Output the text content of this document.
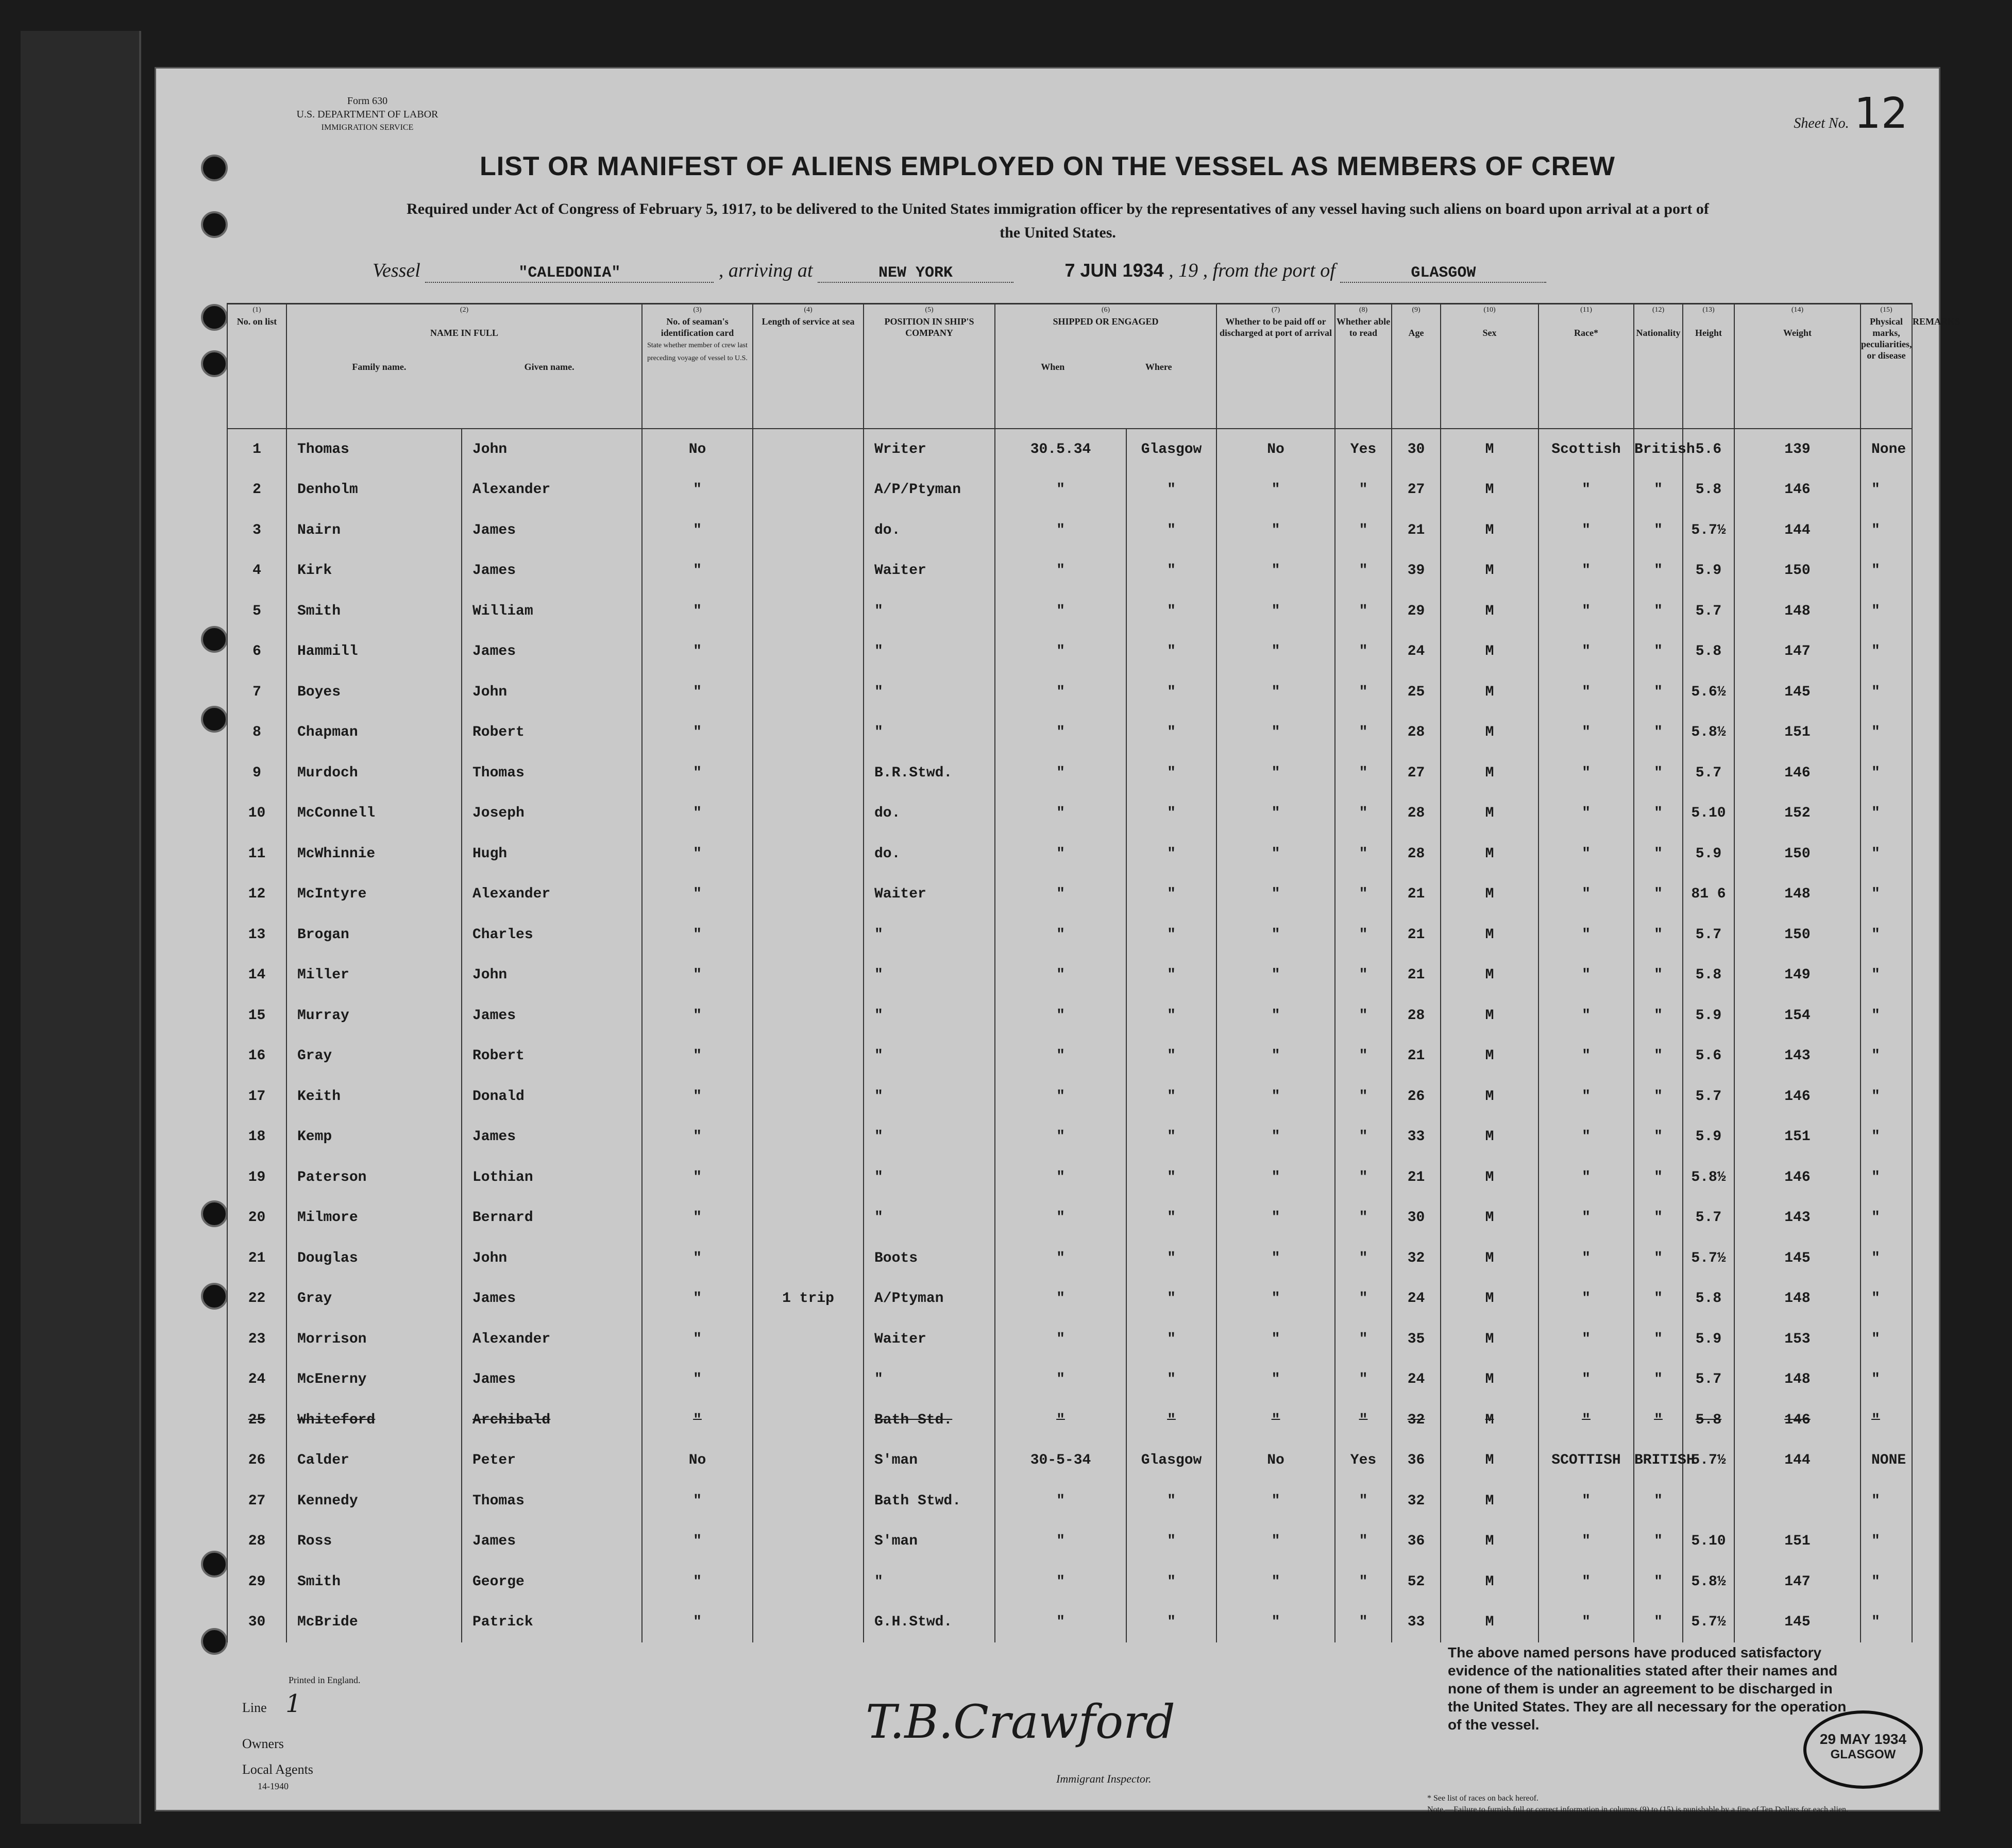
Form 630
U.S. DEPARTMENT OF LABOR
IMMIGRATION SERVICE	Sheet No. 12
LIST OR MANIFEST OF ALIENS EMPLOYED ON THE VESSEL AS MEMBERS OF CREW
Required under Act of Congress of February 5, 1917, to be delivered to the United States immigration officer by the representatives of any vessel having such aliens on board upon arrival at a port of the United States.
Vessel	"CALEDONIA"	, arriving at	NEW YORK	7 JUN 1934 , 19 , from the port of	GLASGOW
(1)
No. on list	(2)

NAME IN FULL

Family name. Given name.		(3)
No. of seaman's identification card
State whether member of crew last preceding voyage of vessel to U.S.	(4)
Length of service at sea	(5)
POSITION IN SHIP'S COMPANY	(6)
SHIPPED OR ENGAGED

When Where		(7)
Whether to be paid off or discharged at port of arrival	(8)
Whether able to read	(9)

Age	(10)

Sex	(11)

Race*	(12)

Nationality	(13)

Height	(14)

Weight	(15)
Physical marks, peculiarities, or disease	REMARKS
1	Thomas	John	No		Writer	30.5.34	Glasgow	No	Yes	30	M	Scottish	British	5.6	139	None	
2	Denholm	Alexander	"		A/P/Ptyman	"	"	"	"	27	M	"	"	5.8	146	"	
3	Nairn	James	"		do.	"	"	"	"	21	M	"	"	5.7½	144	"	
4	Kirk	James	"		Waiter	"	"	"	"	39	M	"	"	5.9	150	"	
5	Smith	William	"		"	"	"	"	"	29	M	"	"	5.7	148	"	
6	Hammill	James	"		"	"	"	"	"	24	M	"	"	5.8	147	"	
7	Boyes	John	"		"	"	"	"	"	25	M	"	"	5.6½	145	"	
8	Chapman	Robert	"		"	"	"	"	"	28	M	"	"	5.8½	151	"	
9	Murdoch	Thomas	"		B.R.Stwd.	"	"	"	"	27	M	"	"	5.7	146	"	
10	McConnell	Joseph	"		do.	"	"	"	"	28	M	"	"	5.10	152	"	
11	McWhinnie	Hugh	"		do.	"	"	"	"	28	M	"	"	5.9	150	"	
12	McIntyre	Alexander	"		Waiter	"	"	"	"	21	M	"	"	81 6	148	"	
13	Brogan	Charles	"		"	"	"	"	"	21	M	"	"	5.7	150	"	
14	Miller	John	"		"	"	"	"	"	21	M	"	"	5.8	149	"	
15	Murray	James	"		"	"	"	"	"	28	M	"	"	5.9	154	"	
16	Gray	Robert	"		"	"	"	"	"	21	M	"	"	5.6	143	"	
17	Keith	Donald	"		"	"	"	"	"	26	M	"	"	5.7	146	"	
18	Kemp	James	"		"	"	"	"	"	33	M	"	"	5.9	151	"	
19	Paterson	Lothian	"		"	"	"	"	"	21	M	"	"	5.8½	146	"	
20	Milmore	Bernard	"		"	"	"	"	"	30	M	"	"	5.7	143	"	
21	Douglas	John	"		Boots	"	"	"	"	32	M	"	"	5.7½	145	"	
22	Gray	James	"	1 trip	A/Ptyman	"	"	"	"	24	M	"	"	5.8	148	"	
23	Morrison	Alexander	"		Waiter	"	"	"	"	35	M	"	"	5.9	153	"	
24	McEnerny	James	"		"	"	"	"	"	24	M	"	"	5.7	148	"	
25	Whiteford	Archibald	"		Bath Std.	"	"	"	"	32	M	"	"	5.8	146	"	
26	Calder	Peter	No		S'man	30-5-34	Glasgow	No	Yes	36	M	SCOTTISH	BRITISH	5.7½	144	NONE	
27	Kennedy	Thomas	"		Bath Stwd.	"	"	"	"	32	M	"	"			"	
28	Ross	James	"		S'man	"	"	"	"	36	M	"	"	5.10	151	"	
29	Smith	George	"		"	"	"	"	"	52	M	"	"	5.8½	147	"	
30	McBride	Patrick	"		G.H.Stwd.	"	"	"	"	33	M	"	"	5.7½	145	"	
Printed in England.
Line 1
Owners
Local Agents
14-1940
T.B.Crawford
Immigrant Inspector.
The above named persons have produced satisfactory evidence of the nationalities stated after their names and none of them is under an agreement to be discharged in the United States. They are all necessary for the operation of the vessel.
* See list of races on back hereof.
Note.—Failure to furnish full or correct information in columns (9) to (15) is punishable by a fine of Ten Dollars for each alien.
29 MAY 1934
GLASGOW
